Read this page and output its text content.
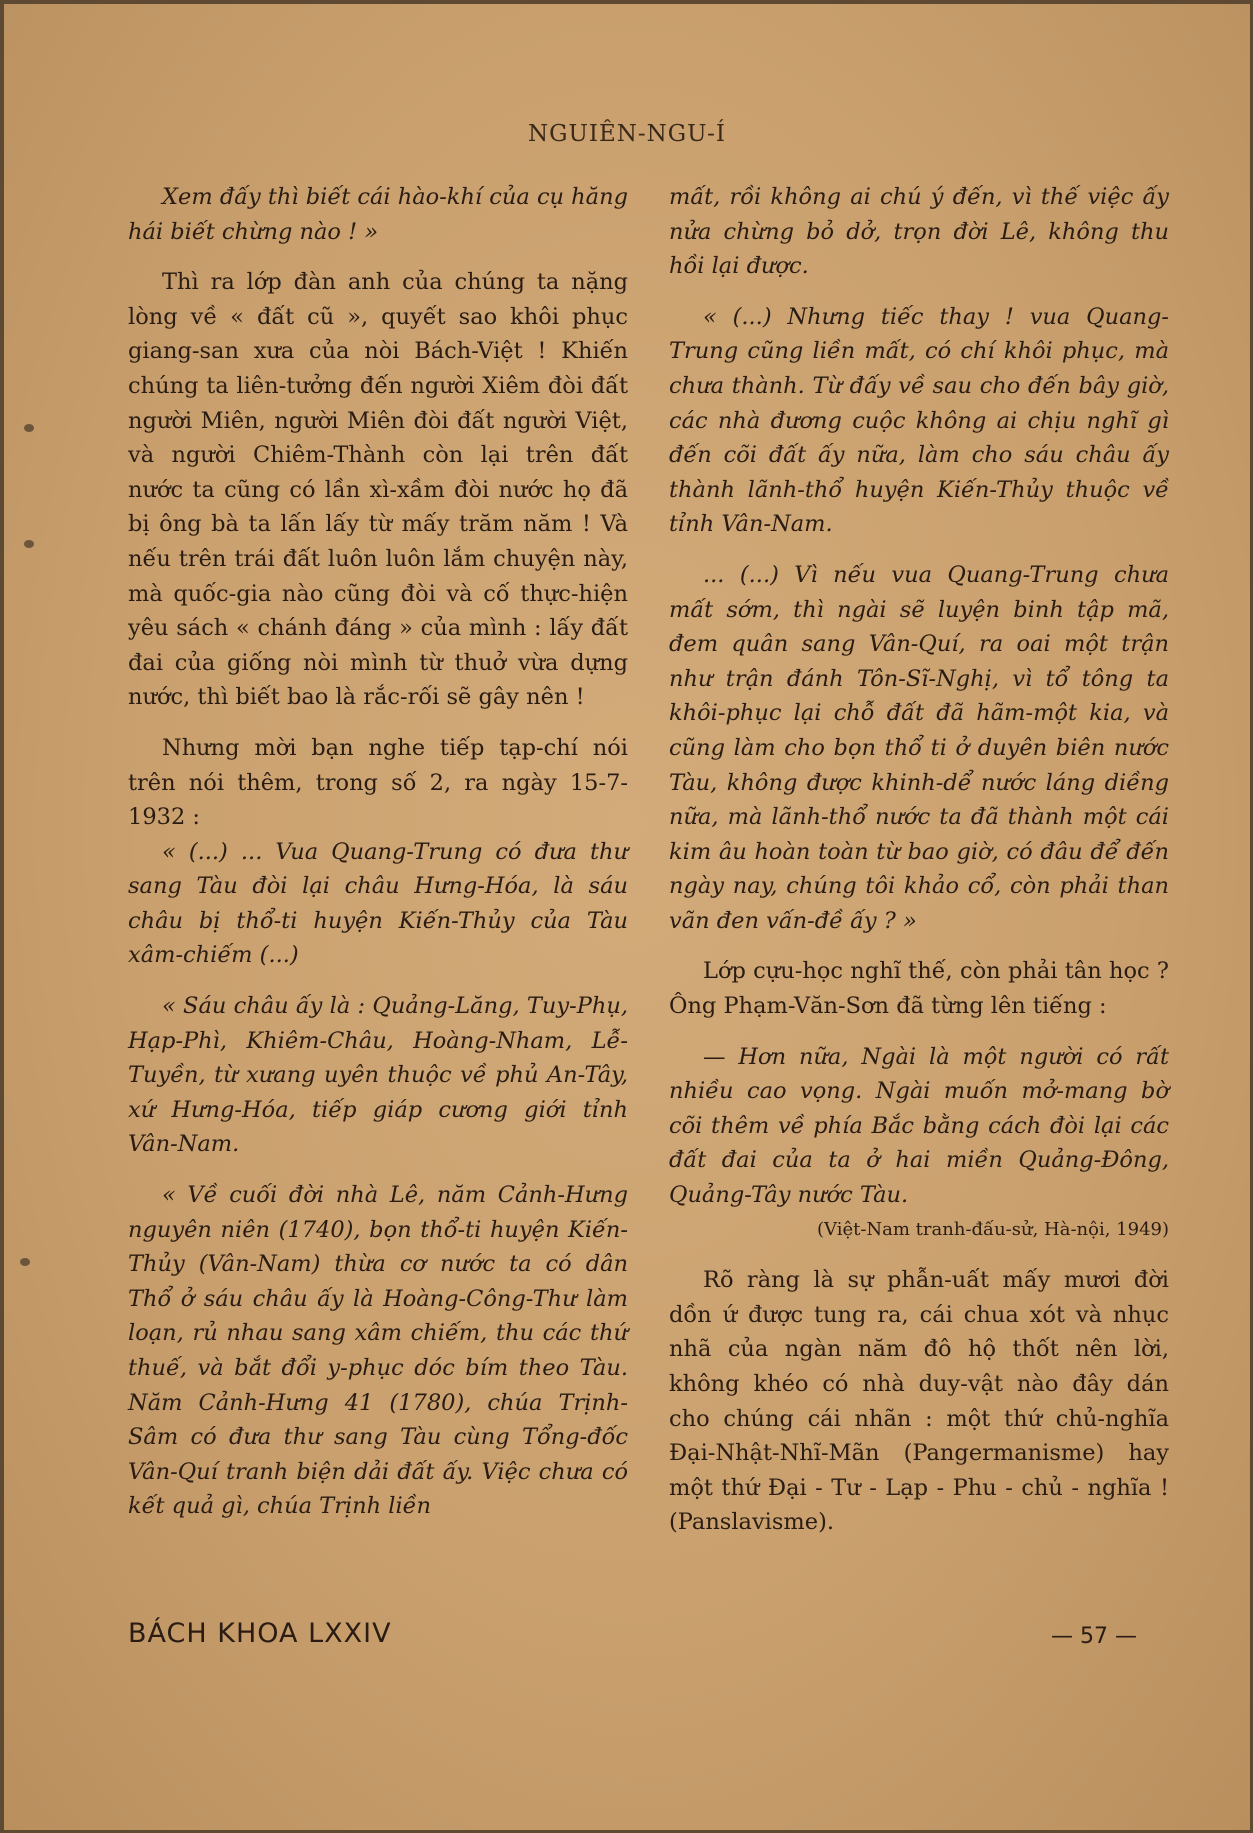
NGUIÊN-NGU-Í

Xem đấy thì biết cái hào-khí của cụ hăng hái biết chừng nào ! »

Thì ra lớp đàn anh của chúng ta nặng lòng về « đất cũ », quyết sao khôi phục giang-san xưa của nòi Bách-Việt ! Khiến chúng ta liên-tưởng đến người Xiêm đòi đất người Miên, người Miên đòi đất người Việt, và người Chiêm-Thành còn lại trên đất nước ta cũng có lần xì-xầm đòi nước họ đã bị ông bà ta lấn lấy từ mấy trăm năm ! Và nếu trên trái đất luôn luôn lắm chuyện này, mà quốc-gia nào cũng đòi và cố thực-hiện yêu sách « chánh đáng » của mình : lấy đất đai của giống nòi mình từ thuở vừa dựng nước, thì biết bao là rắc-rối sẽ gây nên !

Nhưng mời bạn nghe tiếp tạp-chí nói trên nói thêm, trong số 2, ra ngày 15-7-1932 :

« (...) ... Vua Quang-Trung có đưa thư sang Tàu đòi lại châu Hưng-Hóa, là sáu châu bị thổ-ti huyện Kiến-Thủy của Tàu xâm-chiếm (...)

« Sáu châu ấy là : Quảng-Lăng, Tuy-Phụ, Hạp-Phì, Khiêm-Châu, Hoàng-Nham, Lễ-Tuyền, từ xưang uyên thuộc về phủ An-Tây, xứ Hưng-Hóa, tiếp giáp cương giới tỉnh Vân-Nam.

« Về cuối đời nhà Lê, năm Cảnh-Hưng nguyên niên (1740), bọn thổ-ti huyện Kiến-Thủy (Vân-Nam) thừa cơ nước ta có dân Thổ ở sáu châu ấy là Hoàng-Công-Thư làm loạn, rủ nhau sang xâm chiếm, thu các thứ thuế, và bắt đổi y-phục dóc bím theo Tàu. Năm Cảnh-Hưng 41 (1780), chúa Trịnh-Sâm có đưa thư sang Tàu cùng Tổng-đốc Vân-Quí tranh biện dải đất ấy. Việc chưa có kết quả gì, chúa Trịnh liền

mất, rồi không ai chú ý đến, vì thế việc ấy nửa chừng bỏ dở, trọn đời Lê, không thu hồi lại được.

« (...) Nhưng tiếc thay ! vua Quang-Trung cũng liền mất, có chí khôi phục, mà chưa thành. Từ đấy về sau cho đến bây giờ, các nhà đương cuộc không ai chịu nghĩ gì đến cõi đất ấy nữa, làm cho sáu châu ấy thành lãnh-thổ huyện Kiến-Thủy thuộc về tỉnh Vân-Nam.

... (...) Vì nếu vua Quang-Trung chưa mất sớm, thì ngài sẽ luyện binh tập mã, đem quân sang Vân-Quí, ra oai một trận như trận đánh Tôn-Sĩ-Nghị, vì tổ tông ta khôi-phục lại chỗ đất đã hãm-một kia, và cũng làm cho bọn thổ ti ở duyên biên nước Tàu, không được khinh-dể nước láng diềng nữa, mà lãnh-thổ nước ta đã thành một cái kim âu hoàn toàn từ bao giờ, có đâu để đến ngày nay, chúng tôi khảo cổ, còn phải than vãn đen vấn-đề ấy ? »

Lớp cựu-học nghĩ thế, còn phải tân học ? Ông Phạm-Văn-Sơn đã từng lên tiếng :

— Hơn nữa, Ngài là một người có rất nhiều cao vọng. Ngài muốn mở-mang bờ cõi thêm về phía Bắc bằng cách đòi lại các đất đai của ta ở hai miền Quảng-Đông, Quảng-Tây nước Tàu.

(Việt-Nam tranh-đấu-sử, Hà-nội, 1949)

Rõ ràng là sự phẫn-uất mấy mươi đời dồn ứ được tung ra, cái chua xót và nhục nhã của ngàn năm đô hộ thốt nên lời, không khéo có nhà duy-vật nào đây dán cho chúng cái nhãn : một thứ chủ-nghĩa Đại-Nhật-Nhĩ-Mãn (Pangermanisme) hay một thứ Đại - Tư - Lạp - Phu - chủ - nghĩa ! (Panslavisme).

BÁCH KHOA LXXIV	— 57 —
